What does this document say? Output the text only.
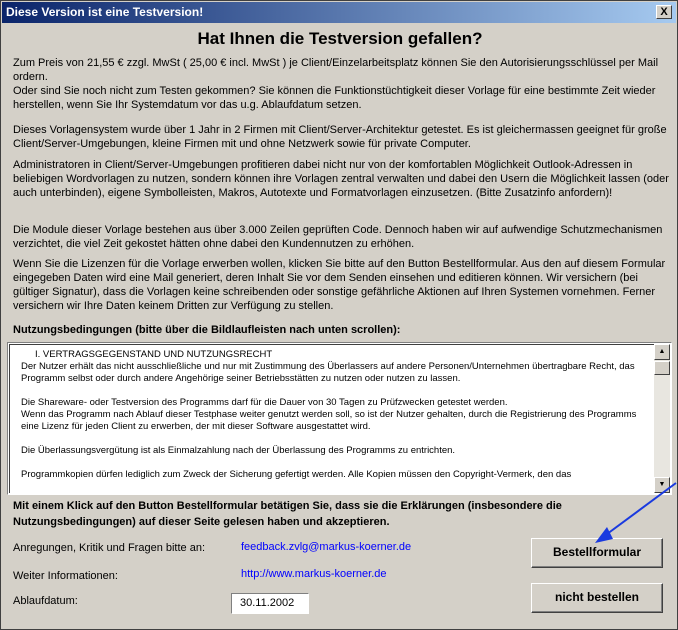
Diese Version ist eine Testversion!	X
Hat Ihnen die Testversion gefallen?

Zum Preis von 21,55 € zzgl. MwSt ( 25,00 € incl. MwSt ) je Client/Einzelarbeitsplatz können Sie den Autorisierungsschlüssel per Mail ordern.
Oder sind Sie noch nicht zum Testen gekommen? Sie können die Funktionstüchtigkeit dieser Vorlage für eine bestimmte Zeit wieder herstellen, wenn Sie Ihr Systemdatum vor das u.g. Ablaufdatum setzen.

Dieses Vorlagensystem wurde über 1 Jahr in 2 Firmen mit Client/Server-Architektur getestet. Es ist gleichermassen geeignet für große Client/Server-Umgebungen, kleine Firmen mit und ohne Netzwerk sowie für private Computer.

Administratoren in Client/Server-Umgebungen profitieren dabei nicht nur von der komfortablen Möglichkeit Outlook-Adressen in beliebigen Wordvorlagen zu nutzen, sondern können ihre Vorlagen zentral verwalten und dabei den Usern die Möglichkeit lassen (oder auch unterbinden), eigene Symbolleisten, Makros, Autotexte und Formatvorlagen einzusetzen. (Bitte Zusatzinfo anfordern)!

Die Module dieser Vorlage bestehen aus über 3.000 Zeilen geprüften Code. Dennoch haben wir auf aufwendige Schutzmechanismen verzichtet, die viel Zeit gekostet hätten ohne dabei den Kundennutzen zu erhöhen.

Wenn Sie die Lizenzen für die Vorlage erwerben wollen, klicken Sie bitte auf den Button Bestellformular. Aus den auf diesem Formular eingegeben Daten wird eine Mail generiert, deren Inhalt Sie vor dem Senden einsehen und editieren können. Wir versichern (bei gültiger Signatur), dass die Vorlagen keine schreibenden oder sonstige gefährliche Aktionen auf Ihren Systemen vornehmen. Ferner versichern wir Ihre Daten keinem Dritten zur Verfügung zu stellen.

Nutzungsbedingungen (bitte über die Bildlaufleisten nach unten scrollen):
I. VERTRAGSGEGENSTAND UND NUTZUNGSRECHT

Der Nutzer erhält das nicht ausschließliche und nur mit Zustimmung des Überlassers auf andere Personen/Unternehmen übertragbare Recht, das Programm selbst oder durch andere Angehörige seiner Betriebsstätten zu nutzen oder nutzen zu lassen.

Die Shareware- oder Testversion des Programms darf für die Dauer von 30 Tagen zu Prüfzwecken getestet werden.
Wenn das Programm nach Ablauf dieser Testphase weiter genutzt werden soll, so ist der Nutzer gehalten, durch die Registrierung des Programms eine Lizenz für jeden Client zu erwerben, der mit dieser Software ausgestattet wird.

Die Überlassungsvergütung ist als Einmalzahlung nach der Überlassung des Programms zu entrichten.

Programmkopien dürfen lediglich zum Zweck der Sicherung gefertigt werden. Alle Kopien müssen den Copyright-Vermerk, den das

▲
▼
Mit einem Klick auf den Button Bestellformular betätigen Sie, dass sie die Erklärungen (insbesondere die Nutzungsbedingungen) auf dieser Seite gelesen haben und akzeptieren.
Anregungen, Kritik und Fragen bitte an:	feedback.zvlg@markus-koerner.de
Weiter Informationen:	http://www.markus-koerner.de
Ablaufdatum:	30.11.2002
Bestellformular
nicht bestellen
